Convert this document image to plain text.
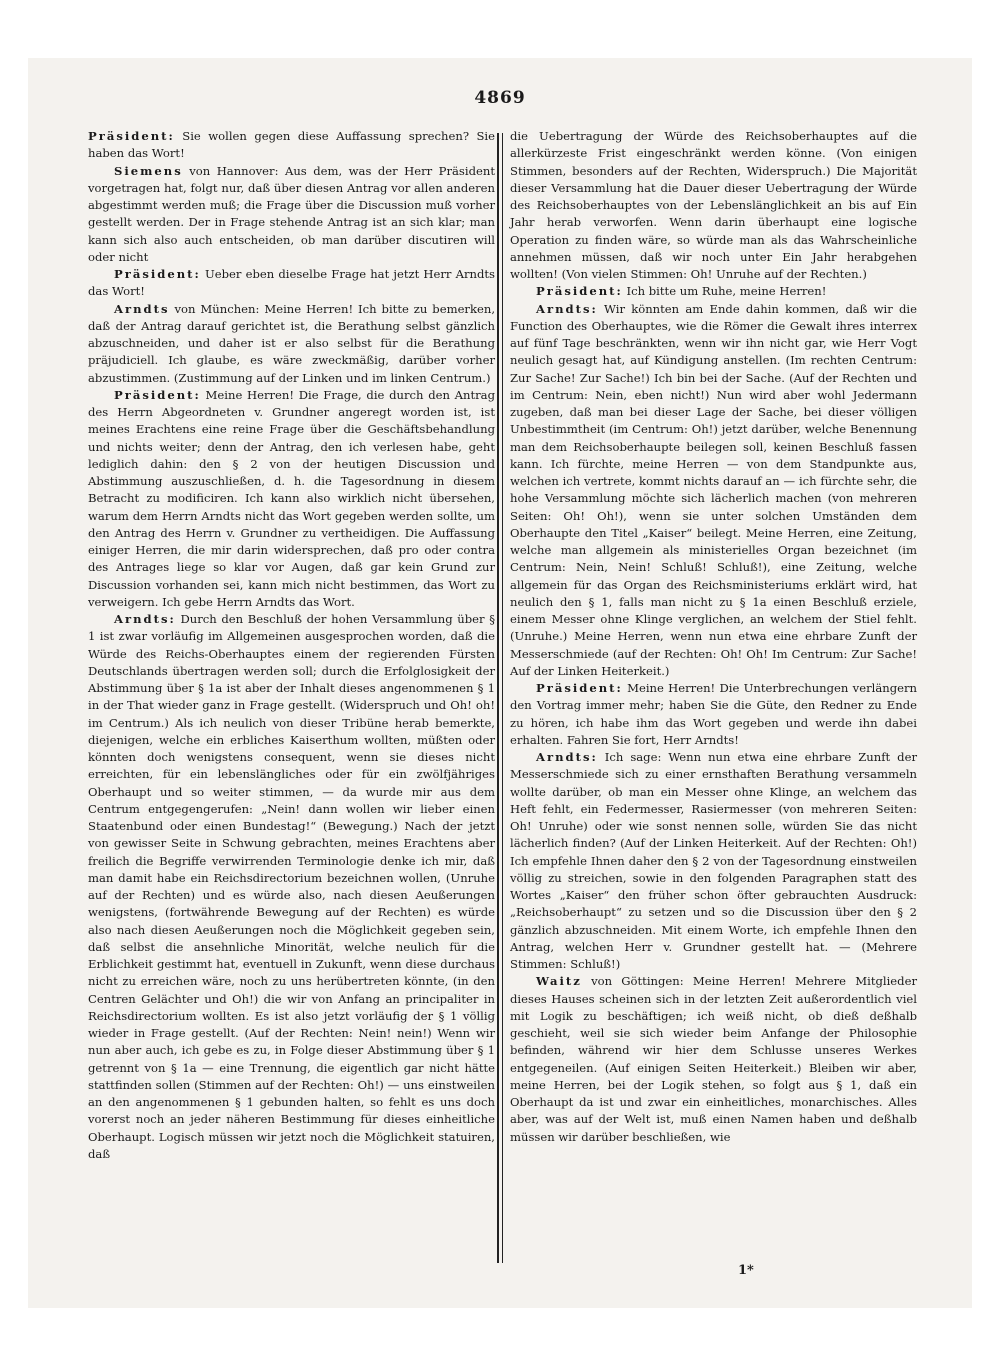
4869

Präsident: Sie wollen gegen diese Auffassung sprechen? Sie haben das Wort!

Siemens von Hannover: Aus dem, was der Herr Präsident vorgetragen hat, folgt nur, daß über diesen Antrag vor allen anderen abgestimmt werden muß; die Frage über die Discussion muß vorher gestellt werden. Der in Frage stehende Antrag ist an sich klar; man kann sich also auch entscheiden, ob man darüber discutiren will oder nicht

Präsident: Ueber eben dieselbe Frage hat jetzt Herr Arndts das Wort!

Arndts von München: Meine Herren! Ich bitte zu bemerken, daß der Antrag darauf gerichtet ist, die Berathung selbst gänzlich abzuschneiden, und daher ist er also selbst für die Berathung präjudiciell. Ich glaube, es wäre zweckmäßig, darüber vorher abzustimmen. (Zustimmung auf der Linken und im linken Centrum.)

Präsident: Meine Herren! Die Frage, die durch den Antrag des Herrn Abgeordneten v. Grundner angeregt worden ist, ist meines Erachtens eine reine Frage über die Geschäftsbehandlung und nichts weiter; denn der Antrag, den ich verlesen habe, geht lediglich dahin: den § 2 von der heutigen Discussion und Abstimmung auszuschließen, d. h. die Tagesordnung in diesem Betracht zu modificiren. Ich kann also wirklich nicht übersehen, warum dem Herrn Arndts nicht das Wort gegeben werden sollte, um den Antrag des Herrn v. Grundner zu vertheidigen. Die Auffassung einiger Herren, die mir darin widersprechen, daß pro oder contra des Antrages liege so klar vor Augen, daß gar kein Grund zur Discussion vorhanden sei, kann mich nicht bestimmen, das Wort zu verweigern. Ich gebe Herrn Arndts das Wort.

Arndts: Durch den Beschluß der hohen Versammlung über § 1 ist zwar vorläufig im Allgemeinen ausgesprochen worden, daß die Würde des Reichs-Oberhauptes einem der regierenden Fürsten Deutschlands übertragen werden soll; durch die Erfolglosigkeit der Abstimmung über § 1a ist aber der Inhalt dieses angenommenen § 1 in der That wieder ganz in Frage gestellt. (Widerspruch und Oh! oh! im Centrum.) Als ich neulich von dieser Tribüne herab bemerkte, diejenigen, welche ein erbliches Kaiserthum wollten, müßten oder könnten doch wenigstens consequent, wenn sie dieses nicht erreichten, für ein lebenslängliches oder für ein zwölfjähriges Oberhaupt und so weiter stimmen, — da wurde mir aus dem Centrum entgegengerufen: „Nein! dann wollen wir lieber einen Staatenbund oder einen Bundestag!“ (Bewegung.) Nach der jetzt von gewisser Seite in Schwung gebrachten, meines Erachtens aber freilich die Begriffe verwirrenden Terminologie denke ich mir, daß man damit habe ein Reichsdirectorium bezeichnen wollen, (Unruhe auf der Rechten) und es würde also, nach diesen Aeußerungen wenigstens, (fortwährende Bewegung auf der Rechten) es würde also nach diesen Aeußerungen noch die Möglichkeit gegeben sein, daß selbst die ansehnliche Minorität, welche neulich für die Erblichkeit gestimmt hat, eventuell in Zukunft, wenn diese durchaus nicht zu erreichen wäre, noch zu uns herübertreten könnte, (in den Centren Gelächter und Oh!) die wir von Anfang an principaliter in Reichsdirectorium wollten. Es ist also jetzt vorläufig der § 1 völlig wieder in Frage gestellt. (Auf der Rechten: Nein! nein!) Wenn wir nun aber auch, ich gebe es zu, in Folge dieser Abstimmung über § 1 getrennt von § 1a — eine Trennung, die eigentlich gar nicht hätte stattfinden sollen (Stimmen auf der Rechten: Oh!) — uns einstweilen an den angenommenen § 1 gebunden halten, so fehlt es uns doch vorerst noch an jeder näheren Bestimmung für dieses einheitliche Oberhaupt. Logisch müssen wir jetzt noch die Möglichkeit statuiren, daß

die Uebertragung der Würde des Reichsoberhauptes auf die allerkürzeste Frist eingeschränkt werden könne. (Von einigen Stimmen, besonders auf der Rechten, Widerspruch.) Die Majorität dieser Versammlung hat die Dauer dieser Uebertragung der Würde des Reichsoberhauptes von der Lebenslänglichkeit an bis auf Ein Jahr herab verworfen. Wenn darin überhaupt eine logische Operation zu finden wäre, so würde man als das Wahrscheinliche annehmen müssen, daß wir noch unter Ein Jahr herabgehen wollten! (Von vielen Stimmen: Oh! Unruhe auf der Rechten.)

Präsident: Ich bitte um Ruhe, meine Herren!

Arndts: Wir könnten am Ende dahin kommen, daß wir die Function des Oberhauptes, wie die Römer die Gewalt ihres interrex auf fünf Tage beschränkten, wenn wir ihn nicht gar, wie Herr Vogt neulich gesagt hat, auf Kündigung anstellen. (Im rechten Centrum: Zur Sache! Zur Sache!) Ich bin bei der Sache. (Auf der Rechten und im Centrum: Nein, eben nicht!) Nun wird aber wohl Jedermann zugeben, daß man bei dieser Lage der Sache, bei dieser völligen Unbestimmtheit (im Centrum: Oh!) jetzt darüber, welche Benennung man dem Reichsoberhaupte beilegen soll, keinen Beschluß fassen kann. Ich fürchte, meine Herren — von dem Standpunkte aus, welchen ich vertrete, kommt nichts darauf an — ich fürchte sehr, die hohe Versammlung möchte sich lächerlich machen (von mehreren Seiten: Oh! Oh!), wenn sie unter solchen Umständen dem Oberhaupte den Titel „Kaiser“ beilegt. Meine Herren, eine Zeitung, welche man allgemein als ministerielles Organ bezeichnet (im Centrum: Nein, Nein! Schluß! Schluß!), eine Zeitung, welche allgemein für das Organ des Reichsministeriums erklärt wird, hat neulich den § 1, falls man nicht zu § 1a einen Beschluß erziele, einem Messer ohne Klinge verglichen, an welchem der Stiel fehlt. (Unruhe.) Meine Herren, wenn nun etwa eine ehrbare Zunft der Messerschmiede (auf der Rechten: Oh! Oh! Im Centrum: Zur Sache! Auf der Linken Heiterkeit.)

Präsident: Meine Herren! Die Unterbrechungen verlängern den Vortrag immer mehr; haben Sie die Güte, den Redner zu Ende zu hören, ich habe ihm das Wort gegeben und werde ihn dabei erhalten. Fahren Sie fort, Herr Arndts!

Arndts: Ich sage: Wenn nun etwa eine ehrbare Zunft der Messerschmiede sich zu einer ernsthaften Berathung versammeln wollte darüber, ob man ein Messer ohne Klinge, an welchem das Heft fehlt, ein Federmesser, Rasiermesser (von mehreren Seiten: Oh! Unruhe) oder wie sonst nennen solle, würden Sie das nicht lächerlich finden? (Auf der Linken Heiterkeit. Auf der Rechten: Oh!) Ich empfehle Ihnen daher den § 2 von der Tagesordnung einstweilen völlig zu streichen, sowie in den folgenden Paragraphen statt des Wortes „Kaiser“ den früher schon öfter gebrauchten Ausdruck: „Reichsoberhaupt“ zu setzen und so die Discussion über den § 2 gänzlich abzuschneiden. Mit einem Worte, ich empfehle Ihnen den Antrag, welchen Herr v. Grundner gestellt hat. — (Mehrere Stimmen: Schluß!)

Waitz von Göttingen: Meine Herren! Mehrere Mitglieder dieses Hauses scheinen sich in der letzten Zeit außerordentlich viel mit Logik zu beschäftigen; ich weiß nicht, ob dieß deßhalb geschieht, weil sie sich wieder beim Anfange der Philosophie befinden, während wir hier dem Schlusse unseres Werkes entgegeneilen. (Auf einigen Seiten Heiterkeit.) Bleiben wir aber, meine Herren, bei der Logik stehen, so folgt aus § 1, daß ein Oberhaupt da ist und zwar ein einheitliches, monarchisches. Alles aber, was auf der Welt ist, muß einen Namen haben und deßhalb müssen wir darüber beschließen, wie

1*
